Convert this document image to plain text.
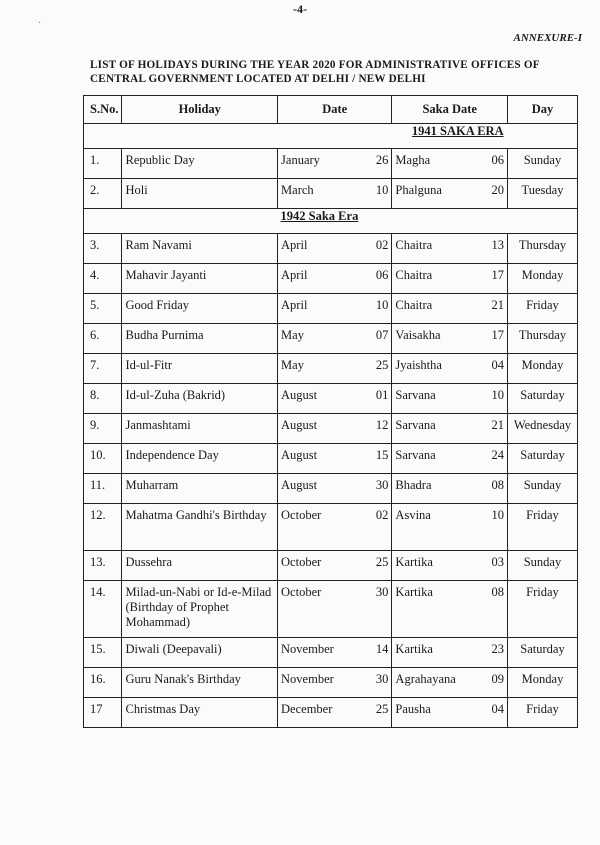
·
-4-
ANNEXURE-I
LIST OF HOLIDAYS DURING THE YEAR 2020 FOR ADMINISTRATIVE OFFICES OF
CENTRAL GOVERNMENT LOCATED AT DELHI / NEW DELHI
S.No.	Holiday	Date		Saka Date		Day
				1941 SAKA ERA		
1.	Republic Day	January	26	Magha	06	Sunday
2.	Holi	March	10	Phalguna	20	Tuesday
		1942 Saka Era				
3.	Ram Navami	April	02	Chaitra	13	Thursday
4.	Mahavir Jayanti	April	06	Chaitra	17	Monday
5.	Good Friday	April	10	Chaitra	21	Friday
6.	Budha Purnima	May	07	Vaisakha	17	Thursday
7.	Id-ul-Fitr	May	25	Jyaishtha	04	Monday
8.	Id-ul-Zuha (Bakrid)	August	01	Sarvana	10	Saturday
9.	Janmashtami	August	12	Sarvana	21	Wednesday
10.	Independence Day	August	15	Sarvana	24	Saturday
11.	Muharram	August	30	Bhadra	08	Sunday
12.	Mahatma Gandhi's Birthday	October	02	Asvina	10	Friday
13.	Dussehra	October	25	Kartika	03	Sunday
14.	Milad-un-Nabi or Id-e-Milad (Birthday of Prophet Mohammad)	October	30	Kartika	08	Friday
15.	Diwali (Deepavali)	November	14	Kartika	23	Saturday
16.	Guru Nanak's Birthday	November	30	Agrahayana	09	Monday
17	Christmas Day	December	25	Pausha	04	Friday
